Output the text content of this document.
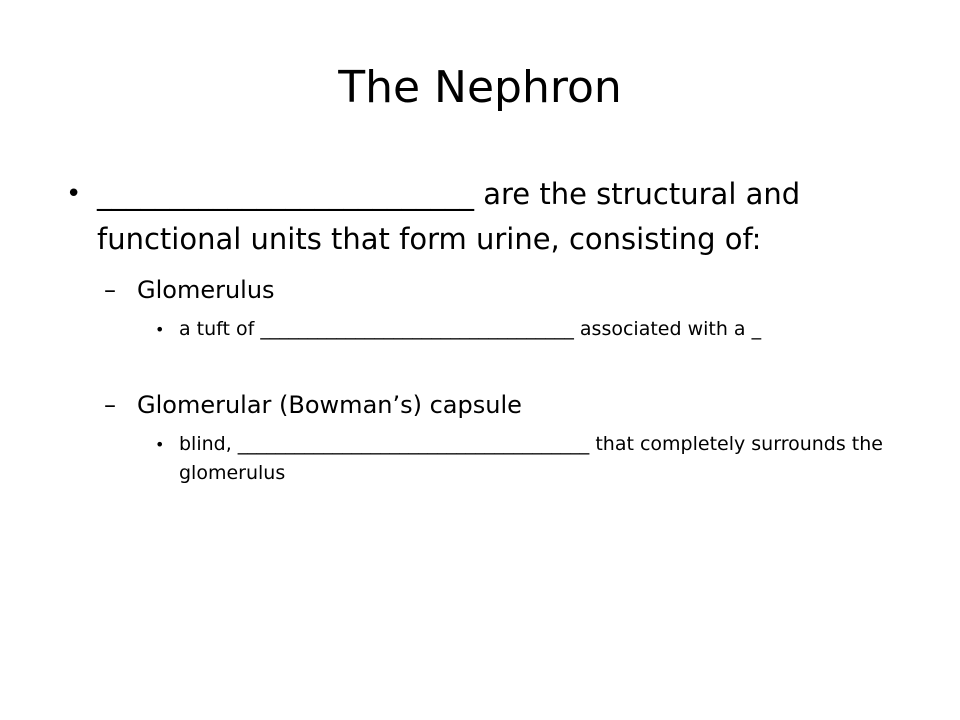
The Nephron
• __________________________ are the structural and functional units that form urine, consisting of:
– Glomerulus
• a tuft of _________________________________ associated with a _
– Glomerular (Bowman’s) capsule
• blind, _____________________________________ that completely surrounds the glomerulus
